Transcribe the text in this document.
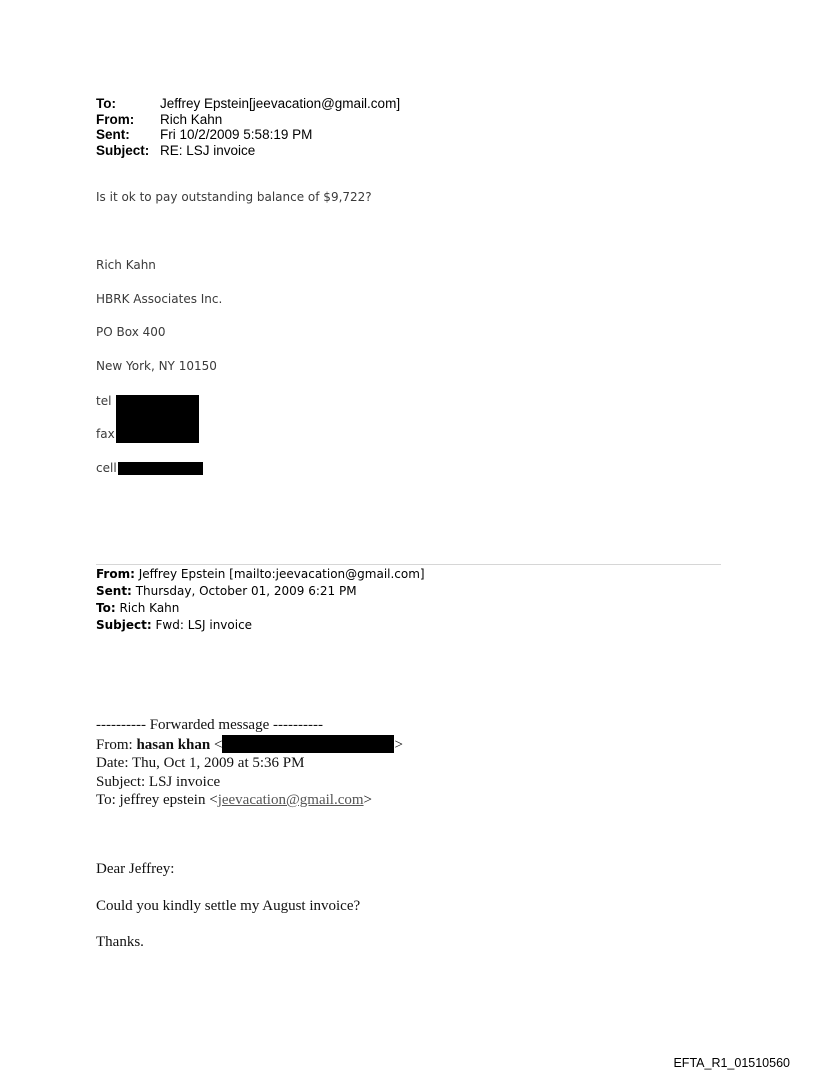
To:	Jeffrey Epstein[jeevacation@gmail.com]
From:	Rich Kahn
Sent:	Fri 10/2/2009 5:58:19 PM
Subject: RE: LSJ invoice
Is it ok to pay outstanding balance of $9,722?
Rich Kahn
HBRK Associates Inc.
PO Box 400
New York, NY 10150
tel
fax
cell
From: Jeffrey Epstein [mailto:jeevacation@gmail.com]
Sent: Thursday, October 01, 2009 6:21 PM
To: Rich Kahn
Subject: Fwd: LSJ invoice
---------- Forwarded message ----------
From: hasan khan <	>
Date: Thu, Oct 1, 2009 at 5:36 PM
Subject: LSJ invoice
To: jeffrey epstein <jeevacation@gmail.com>
Dear Jeffrey:
Could you kindly settle my August invoice?
Thanks.
EFTA_R1_01510560
